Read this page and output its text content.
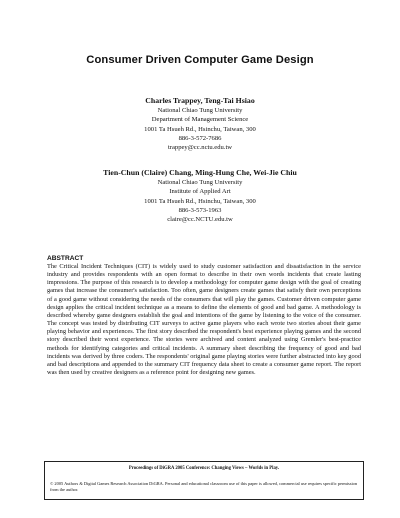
Consumer Driven Computer Game Design
Charles Trappey, Teng-Tai Hsiao
National Chiao Tung University
Department of Management Science
1001 Ta Hsueh Rd., Hsinchu, Taiwan, 300
886-3-572-7686
trappey@cc.nctu.edu.tw
Tien-Chun (Claire) Chang, Ming-Hung Che, Wei-Jie Chiu
National Chiao Tung University
Institute of Applied Art
1001 Ta Hsueh Rd., Hsinchu, Taiwan, 300
886-3-573-1963
claire@cc.NCTU.edu.tw
ABSTRACT

The Critical Incident Techniques (CIT) is widely used to study customer satisfaction and dissatisfaction in the service industry and provides respondents with an open format to describe in their own words incidents that create lasting impressions. The purpose of this research is to develop a methodology for computer game design with the goal of creating games that increase the consumer's satisfaction. Too often, game designers create games that satisfy their own perceptions of a good game without considering the needs of the consumers that will play the games. Customer driven computer game design applies the critical incident technique as a means to define the elements of good and bad game. A methodology is described whereby game designers establish the goal and intentions of the game by listening to the voice of the consumer. The concept was tested by distributing CIT surveys to active game players who each wrote two stories about their game playing behavior and experiences. The first story described the respondent's best experience playing games and the second story described their worst experience. The stories were archived and content analyzed using Gremler's best-practice methods for identifying categories and critical incidents. A summary sheet describing the frequency of good and bad incidents was derived by three coders. The respondents' original game playing stories were further abstracted into key good and bad descriptions and appended to the summary CIT frequency data sheet to create a consumer game report. The report was then used by creative designers as a reference point for designing new games.

Proceedings of DiGRA 2005 Conference: Changing Views – Worlds in Play.
© 2005 Authors & Digital Games Research Association DiGRA. Personal and educational classroom use of this paper is allowed, commercial use requires specific permission from the author.
